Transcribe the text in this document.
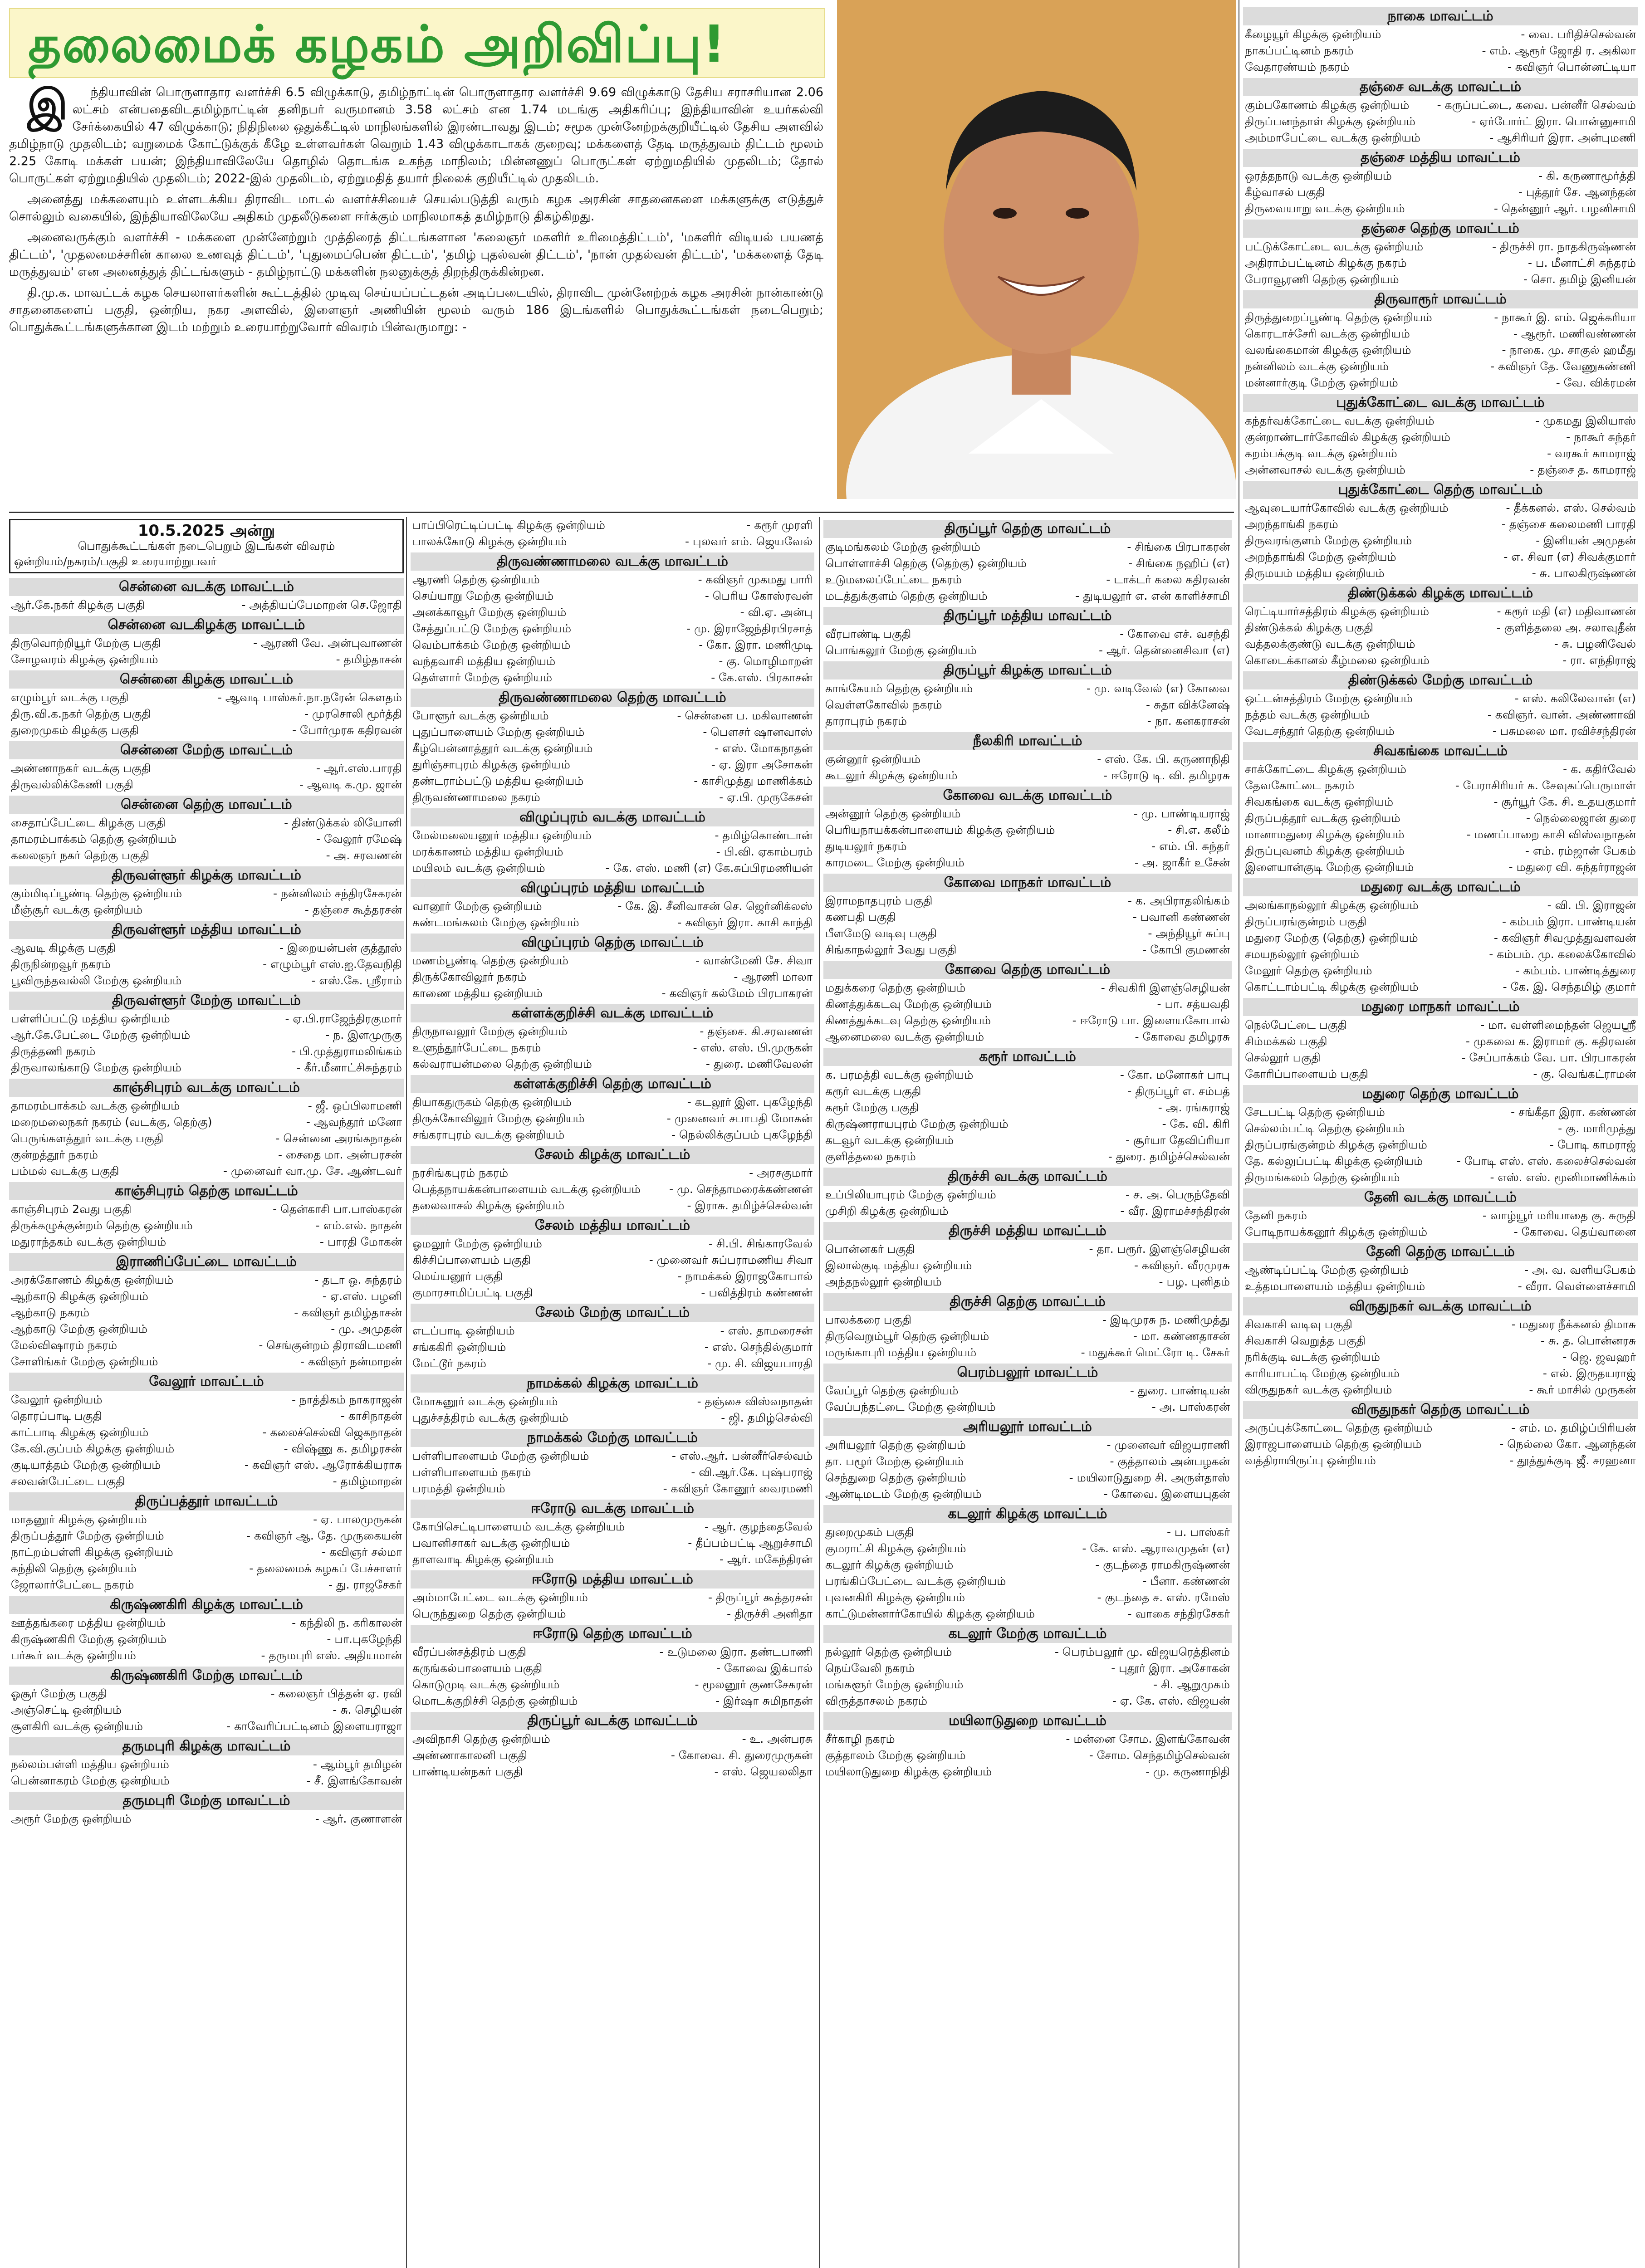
தலைமைக் கழகம் அறிவிப்பு!

இ ந்தியாவின் பொருளாதார வளர்ச்சி 6.5 விழுக்காடு, தமிழ்நாட்டின் பொருளாதார வளர்ச்சி 9.69 விழுக்காடு தேசிய சராசரியான 2.06 லட்சம் என்பதைவிடதமிழ்நாட்டின் தனிநபர் வருமானம் 3.58 லட்சம் என 1.74 மடங்கு அதிகரிப்பு; இந்தியாவின் உயர்கல்வி சேர்க்கையில் 47 விழுக்காடு; நிதிநிலை ஒதுக்கீட்டில் மாநிலங்களில் இரண்டாவது இடம்; சமூக முன்னேற்றக்குறியீட்டில் தேசிய அளவில் தமிழ்நாடு முதலிடம்; வறுமைக் கோட்டுக்குக் கீழே உள்ளவர்கள் வெறும் 1.43 விழுக்காடாகக் குறைவு; மக்களைத் தேடி மருத்துவம் திட்டம் மூலம் 2.25 கோடி மக்கள் பயன்; இந்தியாவிலேயே தொழில் தொடங்க உகந்த மாநிலம்; மின்னணுப் பொருட்கள் ஏற்றுமதியில் முதலிடம்; தோல் பொருட்கள் ஏற்றுமதியில் முதலிடம்; 2022-இல் முதலிடம், ஏற்றுமதித் தயார் நிலைக் குறியீட்டில் முதலிடம்.

அனைத்து மக்களையும் உள்ளடக்கிய திராவிட மாடல் வளர்ச்சியைச் செயல்படுத்தி வரும் கழக அரசின் சாதனைகளை மக்களுக்கு எடுத்துச் சொல்லும் வகையில், இந்தியாவிலேயே அதிகம் முதலீடுகளை ஈர்க்கும் மாநிலமாகத் தமிழ்நாடு திகழ்கிறது.

அனைவருக்கும் வளர்ச்சி - மக்களை முன்னேற்றும் முத்திரைத் திட்டங்களான 'கலைஞர் மகளிர் உரிமைத்திட்டம்', 'மகளிர் விடியல் பயணத் திட்டம்', 'முதலமைச்சரின் காலை உணவுத் திட்டம்', 'புதுமைப்பெண் திட்டம்', 'தமிழ் புதல்வன் திட்டம்', 'நான் முதல்வன் திட்டம்', 'மக்களைத் தேடி மருத்துவம்' என அனைத்துத் திட்டங்களும் - தமிழ்நாட்டு மக்களின் நலனுக்குத் திறந்திருக்கின்றன.

தி.மு.க. மாவட்டக் கழக செயலாளர்களின் கூட்டத்தில் முடிவு செய்யப்பட்டதன் அடிப்படையில், திராவிட முன்னேற்றக் கழக அரசின் நான்காண்டு சாதனைகளைப் பகுதி, ஒன்றிய, நகர அளவில், இளைஞர் அணியின் மூலம் வரும் 186 இடங்களில் பொதுக்கூட்டங்கள் நடைபெறும்; பொதுக்கூட்டங்களுக்கான இடம் மற்றும் உரையாற்றுவோர் விவரம் பின்வருமாறு: -

10.5.2025 அன்று
பொதுக்கூட்டங்கள் நடைபெறும் இடங்கள் விவரம்
ஒன்றியம்/நகரம்/பகுதி உரையாற்றுபவர்
சென்னை வடக்கு மாவட்டம்
ஆர்.கே.நகர் கிழக்கு பகுதி	- அத்தியப்பேமாறன் செ.ஜோதி
சென்னை வடகிழக்கு மாவட்டம்
திருவொற்றியூர் மேற்கு பகுதி	- ஆரணி வே. அன்புவாணன்
சோழவரம் கிழக்கு ஒன்றியம்	- தமிழ்தாசன்
சென்னை கிழக்கு மாவட்டம்
எழும்பூர் வடக்கு பகுதி	- ஆவடி பாஸ்கர்.நா.நரேன் கௌதம்
திரு.வி.க.நகர் தெற்கு பகுதி	- முரசொலி மூர்த்தி
துறைமுகம் கிழக்கு பகுதி	- போர்முரசு கதிரவன்
சென்னை மேற்கு மாவட்டம்
அண்ணாநகர் வடக்கு பகுதி	- ஆர்.எஸ்.பாரதி
திருவல்லிக்கேணி பகுதி	- ஆவடி க.மு. ஜான்
சென்னை தெற்கு மாவட்டம்
சைதாப்பேட்டை கிழக்கு பகுதி	- திண்டுக்கல் லியோனி
தாமரம்பாக்கம் தெற்கு ஒன்றியம்	- வேலூர் ரமேஷ்
கலைஞர் நகர் தெற்கு பகுதி	- அ. சரவணன்
திருவள்ளூர் கிழக்கு மாவட்டம்
கும்மிடிப்பூண்டி தெற்கு ஒன்றியம்	- நன்னிலம் சந்திரசேகரன்
மீஞ்சூர் வடக்கு ஒன்றியம்	- தஞ்சை கூத்தரசன்
திருவள்ளூர் மத்திய மாவட்டம்
ஆவடி கிழக்கு பகுதி	- இறையன்பன் குத்தூஸ்
திருநின்றவூர் நகரம்	- எழும்பூர் எஸ்.ஐ.தேவநிதி
பூவிருந்தவல்லி மேற்கு ஒன்றியம்	- எஸ்.கே. ஸ்ரீராம்
திருவள்ளூர் மேற்கு மாவட்டம்
பள்ளிப்பட்டு மத்திய ஒன்றியம்	- ஏ.பி.ராஜேந்திரகுமார்
ஆர்.கே.பேட்டை மேற்கு ஒன்றியம்	- ந. இளமுருகு
திருத்தணி நகரம்	- பி.முத்துராமலிங்கம்
திருவாலங்காடு மேற்கு ஒன்றியம்	- கீர்.மீனாட்சிசுந்தரம்
காஞ்சிபுரம் வடக்கு மாவட்டம்
தாமரம்பாக்கம் வடக்கு ஒன்றியம்	- ஜீ. ஒப்பிலாமணி
மறைமலைநகர் நகரம் (வடக்கு, தெற்கு)	- ஆவந்தூர் மனோ
பெருங்களத்தூர் வடக்கு பகுதி	- சென்னை அரங்கநாதன்
குன்றத்தூர் நகரம்	- சைதை மா. அன்பரசன்
பம்மல் வடக்கு பகுதி	- முனைவர் வா.மு. சே. ஆண்டவர்
காஞ்சிபுரம் தெற்கு மாவட்டம்
காஞ்சிபுரம் 2வது பகுதி	- தென்காசி பா.பாஸ்கரன்
திருக்கழுக்குன்றம் தெற்கு ஒன்றியம்	- எம்.எல். நாதன்
மதுராந்தகம் வடக்கு ஒன்றியம்	- பாரதி மோகன்
இராணிப்பேட்டை மாவட்டம்
அரக்கோணம் கிழக்கு ஒன்றியம்	- தடா ஒ. சுந்தரம்
ஆற்காடு கிழக்கு ஒன்றியம்	- ஏ.எஸ். பழனி
ஆற்காடு நகரம்	- கவிஞர் தமிழ்தாசன்
ஆற்காடு மேற்கு ஒன்றியம்	- மு. அமுதன்
மேல்விஷாரம் நகரம்	- செங்குன்றம் திராவிடமணி
சோளிங்கர் மேற்கு ஒன்றியம்	- கவிஞர் நன்மாறன்
வேலூர் மாவட்டம்
வேலூர் ஒன்றியம்	- நாத்திகம் நாகராஜன்
தொரப்பாடி பகுதி	- காசிநாதன்
காட்பாடி கிழக்கு ஒன்றியம்	- கலைச்செல்வி ஜெகநாதன்
கே.வி.குப்பம் கிழக்கு ஒன்றியம்	- விஷ்ணு க. தமிழரசன்
குடியாத்தம் மேற்கு ஒன்றியம்	- கவிஞர் எஸ். ஆரோக்கியராசு
சலவன்பேட்டை பகுதி	- தமிழ்மாறன்
திருப்பத்தூர் மாவட்டம்
மாதனூர் கிழக்கு ஒன்றியம்	- ஏ. பாலமுருகன்
திருப்பத்தூர் மேற்கு ஒன்றியம்	- கவிஞர் ஆ. தே. முருகையன்
நாட்றம்பள்ளி கிழக்கு ஒன்றியம்	- கவிஞர் சல்மா
கந்திலி தெற்கு ஒன்றியம்	- தலைமைக் கழகப் பேச்சாளர்
ஜோலார்பேட்டை நகரம்	- து. ராஜசேகர்
கிருஷ்ணகிரி கிழக்கு மாவட்டம்
ஊத்தங்கரை மத்திய ஒன்றியம்	- கந்திலி ந. கரிகாலன்
கிருஷ்ணகிரி மேற்கு ஒன்றியம்	- பா.புகழேந்தி
பர்கூர் வடக்கு ஒன்றியம்	- தருமபுரி எஸ். அதியமான்
கிருஷ்ணகிரி மேற்கு மாவட்டம்
ஓசூர் மேற்கு பகுதி	- கலைஞர் பித்தன் ஏ. ரவி
அஞ்செட்டி ஒன்றியம்	- சு. செழியன்
சூளகிரி வடக்கு ஒன்றியம்	- காவேரிப்பட்டினம் இளையராஜா
தருமபுரி கிழக்கு மாவட்டம்
நல்லம்பள்ளி மத்திய ஒன்றியம்	- ஆம்பூர் தமிழன்
பென்னாகரம் மேற்கு ஒன்றியம்	- சீ. இளங்கோவன்
தருமபுரி மேற்கு மாவட்டம்
அரூர் மேற்கு ஒன்றியம்	- ஆர். குணாளன்
பாப்பிரெட்டிப்பட்டி கிழக்கு ஒன்றியம்	- கரூர் முரளி
பாலக்கோடு கிழக்கு ஒன்றியம்	- புலவர் எம். ஜெயவேல்
திருவண்ணாமலை வடக்கு மாவட்டம்
ஆரணி தெற்கு ஒன்றியம்	- கவிஞர் முகமது பாரி
செய்யாறு மேற்கு ஒன்றியம்	- பெரிய கோஸ்ரவன்
அனக்காவூர் மேற்கு ஒன்றியம்	- வி.ஏ. அன்பு
சேத்துப்பட்டு மேற்கு ஒன்றியம்	- மு. இராஜேந்திரபிரசாத்
வெம்பாக்கம் மேற்கு ஒன்றியம்	- கோ. இரா. மணிமுடி
வந்தவாசி மத்திய ஒன்றியம்	- கு. மொழிமாறன்
தெள்ளார் மேற்கு ஒன்றியம்	- கே.எஸ். பிரகாசன்
திருவண்ணாமலை தெற்கு மாவட்டம்
போளூர் வடக்கு ஒன்றியம்	- சென்னை ப. மகிவாணன்
புதுப்பாளையம் மேற்கு ஒன்றியம்	- பௌசர் ஷானவாஸ்
கீழ்பென்னாத்தூர் வடக்கு ஒன்றியம்	- எஸ். மோகநாதன்
துரிஞ்சாபுரம் கிழக்கு ஒன்றியம்	- ஏ. இரா அசோகன்
தண்டராம்பட்டு மத்திய ஒன்றியம்	- காசிமுத்து மாணிக்கம்
திருவண்ணாமலை நகரம்	- ஏ.பி. முருகேசன்
விழுப்புரம் வடக்கு மாவட்டம்
மேல்மலையனூர் மத்திய ஒன்றியம்	- தமிழ்கொண்டான்
மரக்காணம் மத்திய ஒன்றியம்	- பி.வி. ஏகாம்பரம்
மயிலம் வடக்கு ஒன்றியம்	- கே. எஸ். மணி (எ) கே.சுப்பிரமணியன்
விழுப்புரம் மத்திய மாவட்டம்
வானூர் மேற்கு ஒன்றியம்	- கே. இ. சீனிவாசன் செ. ஜெர்னிக்லஸ்
கண்டமங்கலம் மேற்கு ஒன்றியம்	- கவிஞர் இரா. காசி காந்தி
விழுப்புரம் தெற்கு மாவட்டம்
மணம்பூண்டி தெற்கு ஒன்றியம்	- வான்மேனி சே. சிவா
திருக்கோவிலூர் நகரம்	- ஆரணி மாலா
காணை மத்திய ஒன்றியம்	- கவிஞர் கல்மேம் பிரபாகரன்
கள்ளக்குறிச்சி வடக்கு மாவட்டம்
திருநாவலூர் மேற்கு ஒன்றியம்	- தஞ்சை. கி.சரவணன்
உளுந்தூர்பேட்டை நகரம்	- எஸ். எஸ். பி.முருகன்
கல்வராயன்மலை தெற்கு ஒன்றியம்	- துரை. மணிவேலன்
கள்ளக்குறிச்சி தெற்கு மாவட்டம்
தியாகதுருகம் தெற்கு ஒன்றியம்	- கடலூர் இள. புகழேந்தி
திருக்கோவிலூர் மேற்கு ஒன்றியம்	- முனைவர் சபாபதி மோகன்
சங்கராபுரம் வடக்கு ஒன்றியம்	- நெல்லிக்குப்பம் புகழேந்தி
சேலம் கிழக்கு மாவட்டம்
நரசிங்கபுரம் நகரம்	- அரசகுமார்
பெத்தநாயக்கன்பாளையம் வடக்கு ஒன்றியம்	- மு. செந்தாமரைக்கண்ணன்
தலைவாசல் கிழக்கு ஒன்றியம்	- இராசு. தமிழ்ச்செல்வன்
சேலம் மத்திய மாவட்டம்
ஓமலூர் மேற்கு ஒன்றியம்	- சி.பி. சிங்காரவேல்
கிச்சிப்பாளையம் பகுதி	- முனைவர் சுப்பராமணிய சிவா
மெய்யனூர் பகுதி	- நாமக்கல் இராஜகோபால்
குமாரசாமிப்பட்டி பகுதி	- பவித்திரம் கண்ணன்
சேலம் மேற்கு மாவட்டம்
எடப்பாடி ஒன்றியம்	- எஸ். தாமரைசன்
சங்ககிரி ஒன்றியம்	- எஸ். செந்தில்குமார்
மேட்டூர் நகரம்	- மு. சி. விஜயபாரதி
நாமக்கல் கிழக்கு மாவட்டம்
மோகனூர் வடக்கு ஒன்றியம்	- தஞ்சை விஸ்வநாதன்
புதுச்சத்திரம் வடக்கு ஒன்றியம்	- ஜி. தமிழ்செல்வி
நாமக்கல் மேற்கு மாவட்டம்
பள்ளிபாளையம் மேற்கு ஒன்றியம்	- எஸ்.ஆர். பன்னீர்செல்வம்
பள்ளிபாளையம் நகரம்	- வி.ஆர்.கே. புஷ்பராஜ்
பரமத்தி ஒன்றியம்	- கவிஞர் கோனூர் வைரமணி
ஈரோடு வடக்கு மாவட்டம்
கோபிசெட்டிபாளையம் வடக்கு ஒன்றியம்	- ஆர். குழந்தைவேல்
பவானிசாகர் வடக்கு ஒன்றியம்	- தீப்பம்பட்டி ஆறுச்சாமி
தாளவாடி கிழக்கு ஒன்றியம்	- ஆர். மகேந்திரன்
ஈரோடு மத்திய மாவட்டம்
அம்மாபேட்டை வடக்கு ஒன்றியம்	- திருப்பூர் கூத்தரசன்
பெருந்துறை தெற்கு ஒன்றியம்	- திருச்சி அனிதா
ஈரோடு தெற்கு மாவட்டம்
வீரப்பன்சத்திரம் பகுதி	- உடுமலை இரா. தண்டபாணி
கருங்கல்பாளையம் பகுதி	- கோவை இக்பால்
கொடுமுடி வடக்கு ஒன்றியம்	- மூலனூர் குணசேகரன்
மொடக்குறிச்சி தெற்கு ஒன்றியம்	- இர்ஷா சுமிநாதன்
திருப்பூர் வடக்கு மாவட்டம்
அவிநாசி தெற்கு ஒன்றியம்	- உ. அன்பரசு
அண்ணாகாலனி பகுதி	- கோவை. சி. துரைமுருகன்
பாண்டியன்நகர் பகுதி	- எஸ். ஜெயலலிதா
திருப்பூர் தெற்கு மாவட்டம்
குடிமங்கலம் மேற்கு ஒன்றியம்	- சிங்கை பிரபாகரன்
பொள்ளாச்சி தெற்கு (தெற்கு) ஒன்றியம்	- சிங்கை நஹிப் (எ)
உடுமலைப்பேட்டை நகரம்	- டாக்டர் கலை கதிரவன்
மடத்துக்குளம் தெற்கு ஒன்றியம்	- துடியலூர் எ. என் காளிச்சாமி
திருப்பூர் மத்திய மாவட்டம்
வீரபாண்டி பகுதி	- கோவை எச். வசந்தி
பொங்கலூர் மேற்கு ஒன்றியம்	- ஆர். தென்னைசிவா (எ)
திருப்பூர் கிழக்கு மாவட்டம்
காங்கேயம் தெற்கு ஒன்றியம்	- மு. வடிவேல் (எ) கோவை
வெள்ளகோவில் நகரம்	- சுதா விக்னேஷ்
தாராபுரம் நகரம்	- நா. கனகராசன்
நீலகிரி மாவட்டம்
குன்னூர் ஒன்றியம்	- எஸ். கே. பி. கருணாநிதி
கூடலூர் கிழக்கு ஒன்றியம்	- ஈரோடு டி. வி. தமிழரசு
கோவை வடக்கு மாவட்டம்
அன்னூர் தெற்கு ஒன்றியம்	- மு. பாண்டியராஜ்
பெரியநாயக்கன்பாளையம் கிழக்கு ஒன்றியம்	- சி.எ. கலீம்
துடியலூர் நகரம்	- எம். பி. சுந்தர்
காரமடை மேற்கு ஒன்றியம்	- அ. ஜாகீர் உசேன்
கோவை மாநகர் மாவட்டம்
இராமநாதபுரம் பகுதி	- க. அபிராதலிங்கம்
கணபதி பகுதி	- பவானி கண்ணன்
பீளமேடு வடிவு பகுதி	- அந்தியூர் சுப்பு
சிங்காநல்லூர் 3வது பகுதி	- கோபி குமணன்
கோவை தெற்கு மாவட்டம்
மதுக்கரை தெற்கு ஒன்றியம்	- சிவகிரி இளஞ்செழியன்
கிணத்துக்கடவு மேற்கு ஒன்றியம்	- பா. சத்யவதி
கிணத்துக்கடவு தெற்கு ஒன்றியம்	- ஈரோடு பா. இளையகோபால்
ஆனைமலை வடக்கு ஒன்றியம்	- கோவை தமிழரசு
கரூர் மாவட்டம்
க. பரமத்தி வடக்கு ஒன்றியம்	- கோ. மனோகர் பாபு
கரூர் வடக்கு பகுதி	- திருப்பூர் எ. சம்பத்
கரூர் மேற்கு பகுதி	- அ. ரங்கராஜ்
கிருஷ்ணராயபுரம் மேற்கு ஒன்றியம்	- கே. வி. கிரி
கடவூர் வடக்கு ஒன்றியம்	- சூர்யா தேவிப்ரியா
குளித்தலை நகரம்	- துரை. தமிழ்ச்செல்வன்
திருச்சி வடக்கு மாவட்டம்
உப்பிலியாபுரம் மேற்கு ஒன்றியம்	- ச. அ. பெருந்தேவி
முசிறி கிழக்கு ஒன்றியம்	- வீர. இராமச்சந்திரன்
திருச்சி மத்திய மாவட்டம்
பொன்னகர் பகுதி	- தா. பரூர். இளஞ்செழியன்
இலால்குடி மத்திய ஒன்றியம்	- கவிஞர். வீரமுரசு
அந்தநல்லூர் ஒன்றியம்	- பழ. புனிதம்
திருச்சி தெற்கு மாவட்டம்
பாலக்கரை பகுதி	- இடிமுரசு ந. மணிமுத்து
திருவெறும்பூர் தெற்கு ஒன்றியம்	- மா. கண்ணதாசன்
மருங்காபுரி மத்திய ஒன்றியம்	- மதுக்கூர் மெட்ரோ டி. சேகர்
பெரம்பலூர் மாவட்டம்
வேப்பூர் தெற்கு ஒன்றியம்	- துரை. பாண்டியன்
வேப்பந்தட்டை மேற்கு ஒன்றியம்	- அ. பாஸ்கரன்
அரியலூர் மாவட்டம்
அரியலூர் தெற்கு ஒன்றியம்	- முனைவர் விஜயராணி
தா. பழூர் மேற்கு ஒன்றியம்	- குத்தாலம் அன்பழகன்
செந்துறை தெற்கு ஒன்றியம்	- மயிலாடுதுறை சி. அருள்தாஸ்
ஆண்டிமடம் மேற்கு ஒன்றியம்	- கோவை. இளையபுதன்
கடலூர் கிழக்கு மாவட்டம்
துறைமுகம் பகுதி	- ப. பாஸ்கர்
குமராட்சி கிழக்கு ஒன்றியம்	- கே. எஸ். ஆராவமுதன் (எ)
கடலூர் கிழக்கு ஒன்றியம்	- குடந்தை ராமகிருஷ்ணன்
பரங்கிப்பேட்டை வடக்கு ஒன்றியம்	- பீனா. கண்ணன்
புவனகிரி கிழக்கு ஒன்றியம்	- குடந்தை ச. எஸ். ரமேஸ்
காட்டுமன்னார்கோயில் கிழக்கு ஒன்றியம்	- வாகை சந்திரசேகர்
கடலூர் மேற்கு மாவட்டம்
நல்லூர் தெற்கு ஒன்றியம்	- பெரம்பலூர் மு. விஜயரெத்தினம்
நெய்வேலி நகரம்	- புதூர் இரா. அசோகன்
மங்களூர் மேற்கு ஒன்றியம்	- சி. ஆறுமுகம்
விருத்தாசலம் நகரம்	- ஏ. கே. எஸ். விஜயன்
மயிலாடுதுறை மாவட்டம்
சீர்காழி நகரம்	- மன்னை சோம. இளங்கோவன்
குத்தாலம் மேற்கு ஒன்றியம்	- சோம. செந்தமிழ்செல்வன்
மயிலாடுதுறை கிழக்கு ஒன்றியம்	- மு. கருணாநிதி
நாகை மாவட்டம்
கீழையூர் கிழக்கு ஒன்றியம்	- வை. பரிதிச்செல்வன்
நாகப்பட்டினம் நகரம்	- எம். ஆரூர் ஜோதி ர. அகிலா
வேதாரண்யம் நகரம்	- கவிஞர் பொன்னட்டியா
தஞ்சை வடக்கு மாவட்டம்
கும்பகோணம் கிழக்கு ஒன்றியம் - கருப்பட்டை, கவை. பன்னீர் செல்வம்
திருப்பனந்தாள் கிழக்கு ஒன்றியம்	- ஏர்போர்ட் இரா. பொன்னுசாமி
அம்மாபேட்டை வடக்கு ஒன்றியம்	- ஆசிரியர் இரா. அன்புமணி
தஞ்சை மத்திய மாவட்டம்
ஒரத்தநாடு வடக்கு ஒன்றியம்	- கி. கருணாமூர்த்தி
கீழ்வாசல் பகுதி	- புத்தூர் சே. ஆனந்தன்
திருவையாறு வடக்கு ஒன்றியம்	- தென்னூர் ஆர். பழனிசாமி
தஞ்சை தெற்கு மாவட்டம்
பட்டுக்கோட்டை வடக்கு ஒன்றியம்	- திருச்சி ரா. நாதகிருஷ்ணன்
அதிராம்பட்டினம் கிழக்கு நகரம்	- ப. மீனாட்சி சுந்தரம்
பேராவூரணி தெற்கு ஒன்றியம்	- சொ. தமிழ் இனியன்
திருவாரூர் மாவட்டம்
திருத்துறைப்பூண்டி தெற்கு ஒன்றியம்	- நாகூர் இ. எம். ஜெக்கரியா
கொரடாச்சேரி வடக்கு ஒன்றியம்	- ஆரூர். மணிவண்ணன்
வலங்கைமான் கிழக்கு ஒன்றியம்	- நாகை. மு. சாகுல் ஹமீது
நன்னிலம் வடக்கு ஒன்றியம்	- கவிஞர் தே. வேணுகண்ணி
மன்னார்குடி மேற்கு ஒன்றியம்	- வே. விக்ரமன்
புதுக்கோட்டை வடக்கு மாவட்டம்
கந்தர்வக்கோட்டை வடக்கு ஒன்றியம்	- முகமது இலியாஸ்
குன்றாண்டார்கோவில் கிழக்கு ஒன்றியம்	- நாகூர் சுந்தர்
கறம்பக்குடி வடக்கு ஒன்றியம்	- வரகூர் காமராஜ்
அன்னவாசல் வடக்கு ஒன்றியம்	- தஞ்சை த. காமராஜ்
புதுக்கோட்டை தெற்கு மாவட்டம்
ஆவுடையார்கோவில் வடக்கு ஒன்றியம்	- தீக்கனல். எஸ். செல்வம்
அறந்தாங்கி நகரம்	- தஞ்சை கலைமணி பாரதி
திருவரங்குளம் மேற்கு ஒன்றியம்	- இனியன் அமுதன்
அறந்தாங்கி மேற்கு ஒன்றியம்	- எ. சிவா (எ) சிவக்குமார்
திருமயம் மத்திய ஒன்றியம்	- சு. பாலகிருஷ்ணன்
திண்டுக்கல் கிழக்கு மாவட்டம்
ரெட்டியார்சத்திரம் கிழக்கு ஒன்றியம்	- கரூர் மதி (எ) மதிவாணன்
திண்டுக்கல் கிழக்கு பகுதி	- குளித்தலை அ. சலாவுதீன்
வத்தலக்குண்டு வடக்கு ஒன்றியம்	- சு. பழனிவேல்
கொடைக்கானல் கீழ்மலை ஒன்றியம்	- ரா. எந்திராஜ்
திண்டுக்கல் மேற்கு மாவட்டம்
ஒட்டன்சத்திரம் மேற்கு ஒன்றியம்	- எஸ். கலிலேவான் (எ)
நத்தம் வடக்கு ஒன்றியம்	- கவிஞர். வான். அண்ணாவி
வேடசந்தூர் தெற்கு ஒன்றியம்	- பசுமலை மா. ரவிச்சந்திரன்
சிவகங்கை மாவட்டம்
சாக்கோட்டை கிழக்கு ஒன்றியம்	- க. கதிர்வேல்
தேவகோட்டை நகரம்	- பேராசிரியர் க. சேவுகப்பெருமாள்
சிவகங்கை வடக்கு ஒன்றியம்	- சூர்யூர் கே. சி. உதயகுமார்
திருப்பத்தூர் வடக்கு ஒன்றியம்	- நெல்லைஜான் துரை
மானாமதுரை கிழக்கு ஒன்றியம்	- மணப்பாறை காசி விஸ்வநாதன்
திருப்புவனம் கிழக்கு ஒன்றியம்	- எம். ரம்ஜான் பேகம்
இளையான்குடி மேற்கு ஒன்றியம்	- மதுரை வி. சுந்தர்ராஜன்
மதுரை வடக்கு மாவட்டம்
அலங்காநல்லூர் கிழக்கு ஒன்றியம்	- வி. பி. இராஜன்
திருப்பரங்குன்றம் பகுதி	- கம்பம் இரா. பாண்டியன்
மதுரை மேற்கு (தெற்கு) ஒன்றியம்	- கவிஞர் சிவமுத்துவளவன்
சமயநல்லூர் ஒன்றியம்	- கம்பம். மு. கலைக்கோவில்
மேலூர் தெற்கு ஒன்றியம்	- கம்பம். பாண்டித்துரை
கொட்டாம்பட்டி கிழக்கு ஒன்றியம்	- கே. இ. செந்தமிழ் குமார்
மதுரை மாநகர் மாவட்டம்
நெல்பேட்டை பகுதி	- மா. வள்ளிமைந்தன் ஜெயஸ்ரீ
சிம்மக்கல் பகுதி	- முகவை க. இராமர் கு. கதிரவன்
செல்லூர் பகுதி	- சேப்பாக்கம் வே. பா. பிரபாகரன்
கோரிப்பாளையம் பகுதி	- கு. வெங்கட்ராமன்
மதுரை தெற்கு மாவட்டம்
சேடபட்டி தெற்கு ஒன்றியம்	- சங்கீதா இரா. கண்ணன்
செல்லம்பட்டி தெற்கு ஒன்றியம்	- கு. மாரிமுத்து
திருப்பரங்குன்றம் கிழக்கு ஒன்றியம்	- போடி காமராஜ்
தே. கல்லுப்பட்டி கிழக்கு ஒன்றியம்	- போடி எஸ். எஸ். கலைச்செல்வன்
திருமங்கலம் தெற்கு ஒன்றியம்	- எஸ். எஸ். மூனிமாணிக்கம்
தேனி வடக்கு மாவட்டம்
தேனி நகரம்	- வாழ்யூர் மரியாதை கு. சுருதி
போடிநாயக்கனூர் கிழக்கு ஒன்றியம்	- கோவை. தெய்வானை
தேனி தெற்கு மாவட்டம்
ஆண்டிப்பட்டி மேற்கு ஒன்றியம்	- அ. வ. வளியபேகம்
உத்தமபாளையம் மத்திய ஒன்றியம்	- வீரா. வெள்ளைச்சாமி
விருதுநகர் வடக்கு மாவட்டம்
சிவகாசி வடிவு பகுதி	- மதுரை நீக்கனல் திமாசு
சிவகாசி வெறுத்த பகுதி	- சு. த. பொன்னரசு
நரிக்குடி வடக்கு ஒன்றியம்	- ஜெ. ஜவஹர்
காரியாபட்டி மேற்கு ஒன்றியம்	- எல். இருதயராஜ்
விருதுநகர் வடக்கு ஒன்றியம்	- கூர் மாசில் முருகன்
விருதுநகர் தெற்கு மாவட்டம்
அருப்புக்கோட்டை தெற்கு ஒன்றியம்	- எம். ம. தமிழ்ப்பிரியன்
இராஜபாளையம் தெற்கு ஒன்றியம்	- நெல்லை கோ. ஆனந்தன்
வத்திராயிருப்பு ஒன்றியம்	- தூத்துக்குடி ஜீ. சரஹனா
